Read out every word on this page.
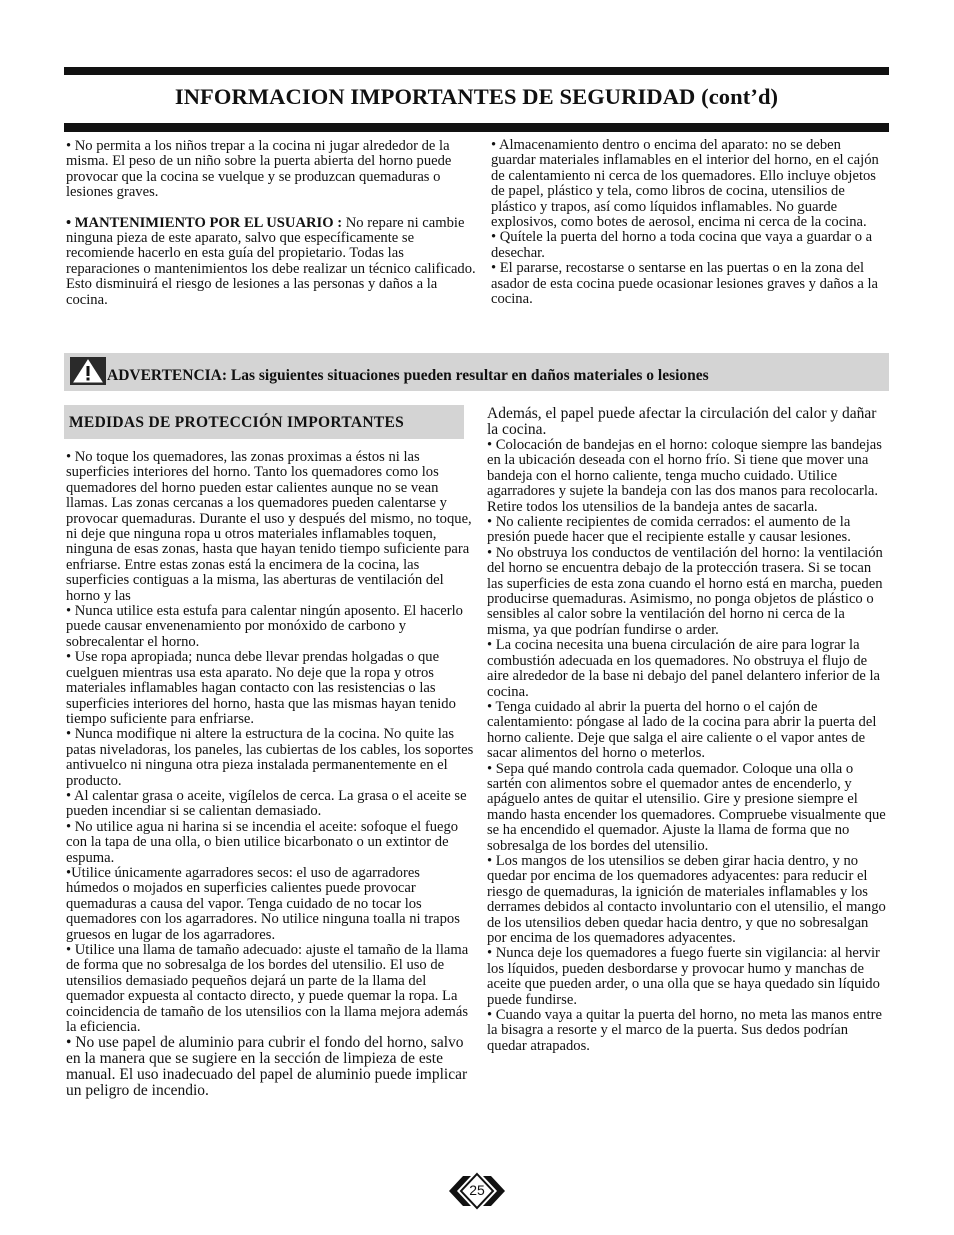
INFORMACION IMPORTANTES DE SEGURIDAD (cont’d)

• No permita a los niños trepar a la cocina ni jugar alrededor de la misma. El peso de un niño sobre la puerta abierta del horno puede provocar que la cocina se vuelque y se produzcan quemaduras o lesiones graves.

• MANTENIMIENTO POR EL USUARIO : No repare ni cambie ninguna pieza de este aparato, salvo que específicamente se recomiende hacerlo en esta guía del propietario. Todas las reparaciones o mantenimientos los debe realizar un técnico calificado. Esto disminuirá el riesgo de lesiones a las personas y daños a la cocina.

• Almacenamiento dentro o encima del aparato: no se deben guardar materiales inflamables en el interior del horno, en el cajón de calentamiento ni cerca de los quemadores. Ello incluye objetos de papel, plástico y tela, como libros de cocina, utensilios de plástico y trapos, así como líquidos inflamables. No guarde explosivos, como botes de aerosol, encima ni cerca de la cocina.

• Quítele la puerta del horno a toda cocina que vaya a guardar o a desechar.

• El pararse, recostarse o sentarse en las puertas o en la zona del asador de esta cocina puede ocasionar lesiones graves y daños a la cocina.

ADVERTENCIA: Las siguientes situaciones pueden resultar en daños materiales o lesiones
MEDIDAS DE PROTECCIÓN IMPORTANTES

• No toque los quemadores, las zonas proximas a éstos ni las superficies interiores del horno. Tanto los quemadores como los quemadores del horno pueden estar calientes aunque no se vean llamas. Las zonas cercanas a los quemadores pueden calentarse y provocar quemaduras. Durante el uso y después del mismo, no toque, ni deje que ninguna ropa u otros materiales inflamables toquen, ninguna de esas zonas, hasta que hayan tenido tiempo suficiente para enfriarse. Entre estas zonas está la encimera de la cocina, las superficies contiguas a la misma, las aberturas de ventilación del horno y las

• Nunca utilice esta estufa para calentar ningún aposento. El hacerlo puede causar envenenamiento por monóxido de carbono y sobrecalentar el horno.

• Use ropa apropiada; nunca debe llevar prendas holgadas o que cuelguen mientras usa esta aparato. No deje que la ropa y otros materiales inflamables hagan contacto con las resistencias o las superficies interiores del horno, hasta que las mismas hayan tenido tiempo suficiente para enfriarse.

• Nunca modifique ni altere la estructura de la cocina. No quite las patas niveladoras, los paneles, las cubiertas de los cables, los soportes antivuelco ni ninguna otra pieza instalada permanentemente en el producto.

• Al calentar grasa o aceite, vigílelos de cerca. La grasa o el aceite se pueden incendiar si se calientan demasiado.

• No utilice agua ni harina si se incendia el aceite: sofoque el fuego con la tapa de una olla, o bien utilice bicarbonato o un extintor de espuma.

•Utilice únicamente agarradores secos: el uso de agarradores húmedos o mojados en superficies calientes puede provocar quemaduras a causa del vapor. Tenga cuidado de no tocar los quemadores con los agarradores. No utilice ninguna toalla ni trapos gruesos en lugar de los agarradores.

• Utilice una llama de tamaño adecuado: ajuste el tamaño de la llama de forma que no sobresalga de los bordes del utensilio. El uso de utensilios demasiado pequeños dejará un parte de la llama del quemador expuesta al contacto directo, y puede quemar la ropa. La coincidencia de tamaño de los utensilios con la llama mejora además la eficiencia.

• No use papel de aluminio para cubrir el fondo del horno, salvo en la manera que se sugiere en la sección de limpieza de este manual. El uso inadecuado del papel de aluminio puede implicar un peligro de incendio.

Además, el papel puede afectar la circulación del calor y dañar la cocina.

• Colocación de bandejas en el horno: coloque siempre las bandejas en la ubicación deseada con el horno frío. Si tiene que mover una bandeja con el horno caliente, tenga mucho cuidado. Utilice agarradores y sujete la bandeja con las dos manos para recolocarla. Retire todos los utensilios de la bandeja antes de sacarla.

• No caliente recipientes de comida cerrados: el aumento de la presión puede hacer que el recipiente estalle y causar lesiones.

• No obstruya los conductos de ventilación del horno: la ventilación del horno se encuentra debajo de la protección trasera. Si se tocan las superficies de esta zona cuando el horno está en marcha, pueden producirse quemaduras. Asimismo, no ponga objetos de plástico o sensibles al calor sobre la ventilación del horno ni cerca de la misma, ya que podrían fundirse o arder.

• La cocina necesita una buena circulación de aire para lograr la combustión adecuada en los quemadores. No obstruya el flujo de aire alrededor de la base ni debajo del panel delantero inferior de la cocina.

• Tenga cuidado al abrir la puerta del horno o el cajón de calentamiento: póngase al lado de la cocina para abrir la puerta del horno caliente. Deje que salga el aire caliente o el vapor antes de sacar alimentos del horno o meterlos.

• Sepa qué mando controla cada quemador. Coloque una olla o sartén con alimentos sobre el quemador antes de encenderlo, y apáguelo antes de quitar el utensilio. Gire y presione siempre el mando hasta encender los quemadores. Compruebe visualmente que se ha encendido el quemador. Ajuste la llama de forma que no sobresalga de los bordes del utensilio.

• Los mangos de los utensilios se deben girar hacia dentro, y no quedar por encima de los quemadores adyacentes: para reducir el riesgo de quemaduras, la ignición de materiales inflamables y los derrames debidos al contacto involuntario con el utensilio, el mango de los utensilios deben quedar hacia dentro, y que no sobresalgan por encima de los quemadores adyacentes.

• Nunca deje los quemadores a fuego fuerte sin vigilancia: al hervir los líquidos, pueden desbordarse y provocar humo y manchas de aceite que pueden arder, o una olla que se haya quedado sin líquido puede fundirse.

• Cuando vaya a quitar la puerta del horno, no meta las manos entre la bisagra a resorte y el marco de la puerta. Sus dedos podrían quedar atrapados.

25
